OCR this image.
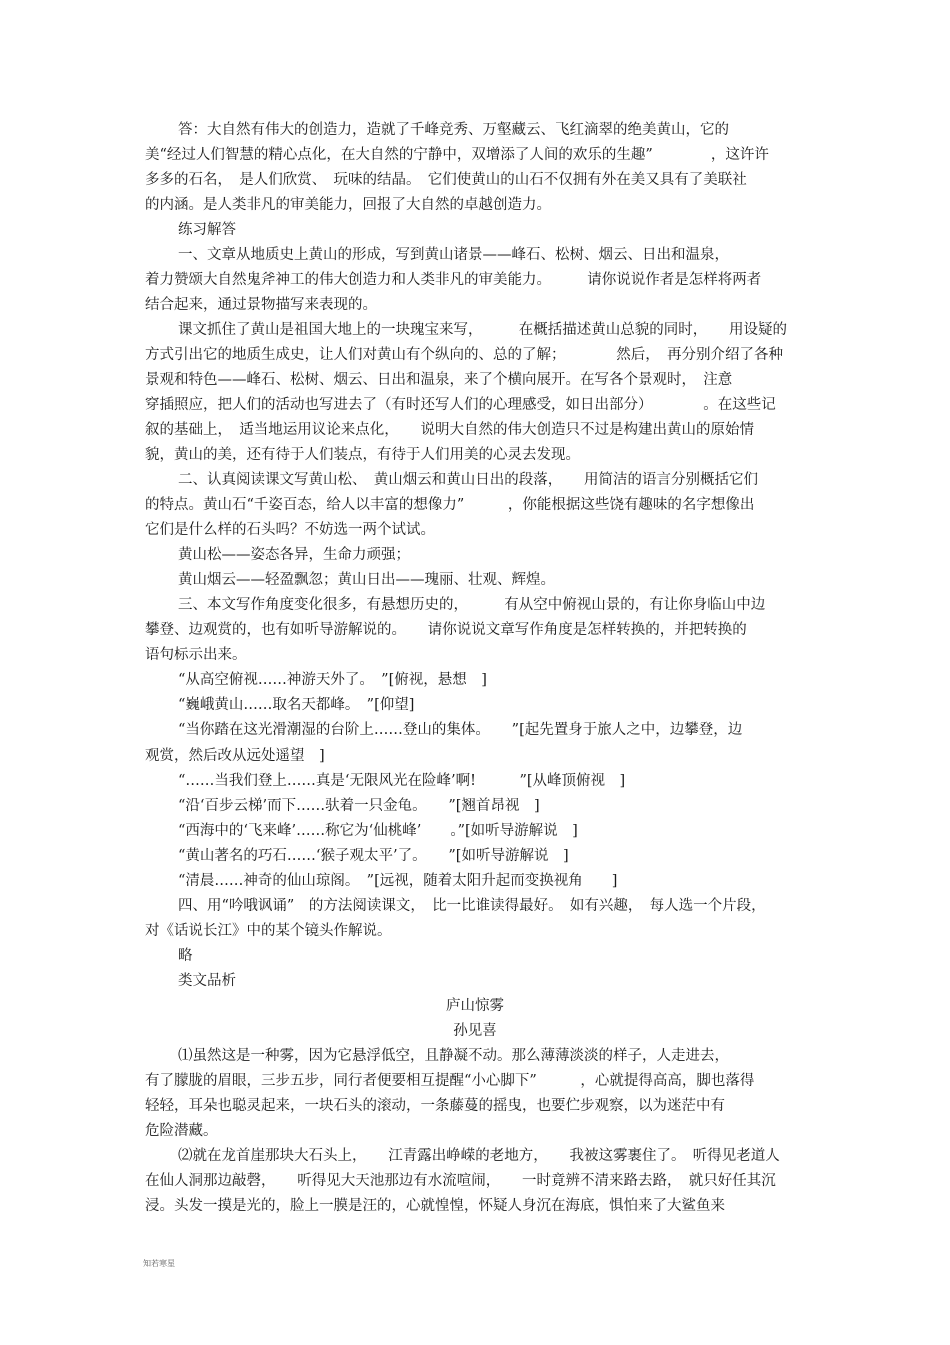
答：大自然有伟大的创造力，造就了千峰竞秀、万壑藏云、飞红滴翠的绝美黄山，它的
美“经过人们智慧的精心点化，在大自然的宁静中，双增添了人间的欢乐的生趣”　　　　，这许许
多多的石名，　是人们欣赏、　玩味的结晶。　它们使黄山的山石不仅拥有外在美又具有了美联社
的内涵。是人类非凡的审美能力，回报了大自然的卓越创造力。
练习解答
一、文章从地质史上黄山的形成，写到黄山诸景——峰石、松树、烟云、日出和温泉，
着力赞颂大自然鬼斧神工的伟大创造力和人类非凡的审美能力。　　　请你说说作者是怎样将两者
结合起来，通过景物描写来表现的。
课文抓住了黄山是祖国大地上的一块瑰宝来写，　　　在概括描述黄山总貌的同时，　　用设疑的
方式引出它的地质生成史，让人们对黄山有个纵向的、总的了解；　　　　然后，　再分别介绍了各种
景观和特色——峰石、松树、烟云、日出和温泉，来了个横向展开。在写各个景观时，　注意
穿插照应，把人们的活动也写进去了（有时还写人们的心理感受，如日出部分）　　　　。在这些记
叙的基础上，　适当地运用议论来点化，　　说明大自然的伟大创造只不过是构建出黄山的原始情
貌，黄山的美，还有待于人们装点，有待于人们用美的心灵去发现。
二、认真阅读课文写黄山松、　黄山烟云和黄山日出的段落，　　用简洁的语言分别概括它们
的特点。黄山石“千姿百态，给人以丰富的想像力”　　　，你能根据这些饶有趣味的名字想像出
它们是什么样的石头吗？不妨选一两个试试。
黄山松——姿态各异，生命力顽强；
黄山烟云——轻盈飘忽；黄山日出——瑰丽、壮观、辉煌。
三、本文写作角度变化很多，有悬想历史的，　　　有从空中俯视山景的，有让你身临山中边
攀登、边观赏的，也有如听导游解说的。　　请你说说文章写作角度是怎样转换的，并把转换的
语句标示出来。
“从高空俯视……神游天外了。　”[俯视，悬想　]
“巍峨黄山……取名天都峰。　”[仰望]
“当你踏在这光滑潮湿的台阶上……登山的集体。　　”[起先置身于旅人之中，边攀登，边
观赏，然后改从远处遥望　]
“……当我们登上……真是‘无限风光在险峰’啊!　　　”[从峰顶俯视　]
“沿‘百步云梯’而下……驮着一只金龟。　　”[翘首昂视　]
“西海中的‘飞来峰’……称它为‘仙桃峰’　　。”[如听导游解说　]
“黄山著名的巧石……‘猴子观太平’了。　　”[如听导游解说　]
“清晨……神奇的仙山琼阁。　”[远视，随着太阳升起而变换视角　　]
四、用“吟哦讽诵”　的方法阅读课文，　比一比谁读得最好。　如有兴趣，　每人选一个片段，
对《话说长江》中的某个镜头作解说。
略
类文品析
庐山惊雾
孙见喜
⑴虽然这是一种雾，因为它悬浮低空，且静凝不动。那么薄薄淡淡的样子，人走进去，
有了朦胧的眉眼，三步五步，同行者便要相互提醒“小心脚下”　　　，心就提得高高，脚也落得
轻轻，耳朵也聪灵起来，一块石头的滚动，一条藤蔓的摇曳，也要伫步观察，以为迷茫中有
危险潜藏。
⑵就在龙首崖那块大石头上，　　江青露出峥嵘的老地方，　　我被这雾裹住了。　听得见老道人
在仙人洞那边敲磬，　　听得见大天池那边有水流喧闹，　　一时竟辨不清来路去路，　就只好任其沉
浸。头发一摸是光的，脸上一膜是汪的，心就惶惶，怀疑人身沉在海底，惧怕来了大鲨鱼来
知若寒星
